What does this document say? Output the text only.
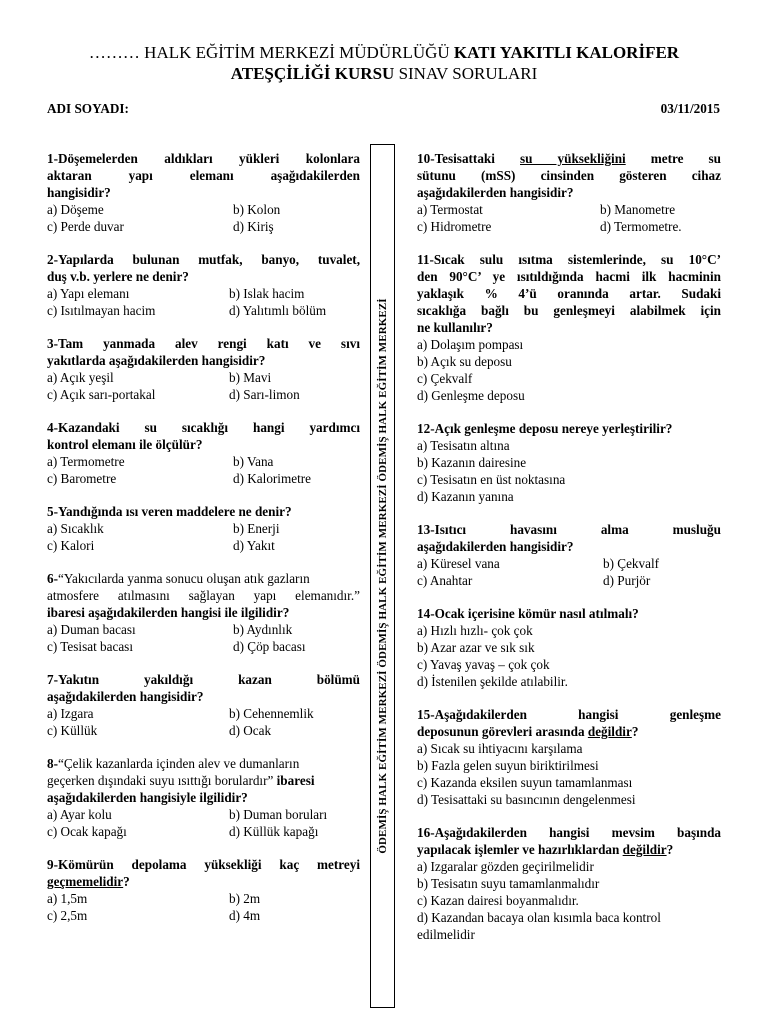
……… HALK EĞİTİM MERKEZİ MÜDÜRLÜĞÜ KATI YAKITLI KALORİFER
ATEŞÇİLİĞİ KURSU SINAV SORULARI
ADI SOYADI:	03/11/2015
ÖDEMİŞ HALK EĞİTİM MERKEZİ ÖDEMİŞ HALK EĞİTİM MERKEZİ ÖDEMİŞ HALK EĞİTİM MERKEZİ
1-Döşemelerden aldıkları yükleri kolonlara
aktaran yapı elemanı aşağıdakilerden
hangisidir?
a) Döşeme	b) Kolon
c) Perde duvar	d) Kiriş
2-Yapılarda bulunan mutfak, banyo, tuvalet,
duş v.b. yerlere ne denir?
a) Yapı elemanı	b) Islak hacim
c) Isıtılmayan hacim	d) Yalıtımlı bölüm
3-Tam yanmada alev rengi katı ve sıvı
yakıtlarda aşağıdakilerden hangisidir?
a) Açık yeşil	b) Mavi
c) Açık sarı-portakal	d) Sarı-limon
4-Kazandaki su sıcaklığı hangi yardımcı
kontrol elemanı ile ölçülür?
a) Termometre	b) Vana
c) Barometre	d) Kalorimetre
5-Yandığında ısı veren maddelere ne denir?
a) Sıcaklık	b) Enerji
c) Kalori	d) Yakıt
6-“Yakıcılarda yanma sonucu oluşan atık gazların
atmosfere atılmasını sağlayan yapı elemanıdır.”
ibaresi aşağıdakilerden hangisi ile ilgilidir?
a) Duman bacası	b) Aydınlık
c) Tesisat bacası	d) Çöp bacası
7-Yakıtın yakıldığı kazan bölümü
aşağıdakilerden hangisidir?
a) Izgara	b) Cehennemlik
c) Küllük	d) Ocak
8-“Çelik kazanlarda içinden alev ve dumanların
geçerken dışındaki suyu ısıttığı borulardır” ibaresi
aşağıdakilerden hangisiyle ilgilidir?
a) Ayar kolu	b) Duman boruları
c) Ocak kapağı	d) Küllük kapağı
9-Kömürün depolama yüksekliği kaç metreyi
geçmemelidir?
a) 1,5m	b) 2m
c) 2,5m	d) 4m
10-Tesisattaki su yüksekliğini metre su
sütunu (mSS) cinsinden gösteren cihaz
aşağıdakilerden hangisidir?
a) Termostat	b) Manometre
c) Hidrometre	d) Termometre.
11-Sıcak sulu ısıtma sistemlerinde, su 10°C’
den 90°C’ ye ısıtıldığında hacmi ilk hacminin
yaklaşık % 4’ü oranında artar. Sudaki
sıcaklığa bağlı bu genleşmeyi alabilmek için
ne kullanılır?
a) Dolaşım pompası
b) Açık su deposu
c) Çekvalf
d) Genleşme deposu
12-Açık genleşme deposu nereye yerleştirilir?
a) Tesisatın altına
b) Kazanın dairesine
c) Tesisatın en üst noktasına
d) Kazanın yanına
13-Isıtıcı havasını alma musluğu
aşağıdakilerden hangisidir?
a) Küresel vana	b) Çekvalf
c) Anahtar	d) Purjör
14-Ocak içerisine kömür nasıl atılmalı?
a) Hızlı hızlı- çok çok
b) Azar azar ve sık sık
c) Yavaş yavaş – çok çok
d) İstenilen şekilde atılabilir.
15-Aşağıdakilerden hangisi genleşme
deposunun görevleri arasında değildir?
a) Sıcak su ihtiyacını karşılama
b) Fazla gelen suyun biriktirilmesi
c) Kazanda eksilen suyun tamamlanması
d) Tesisattaki su basıncının dengelenmesi
16-Aşağıdakilerden hangisi mevsim başında
yapılacak işlemler ve hazırlıklardan değildir?
a) Izgaralar gözden geçirilmelidir
b) Tesisatın suyu tamamlanmalıdır
c) Kazan dairesi boyanmalıdır.
d) Kazandan bacaya olan kısımla baca kontrol
edilmelidir
